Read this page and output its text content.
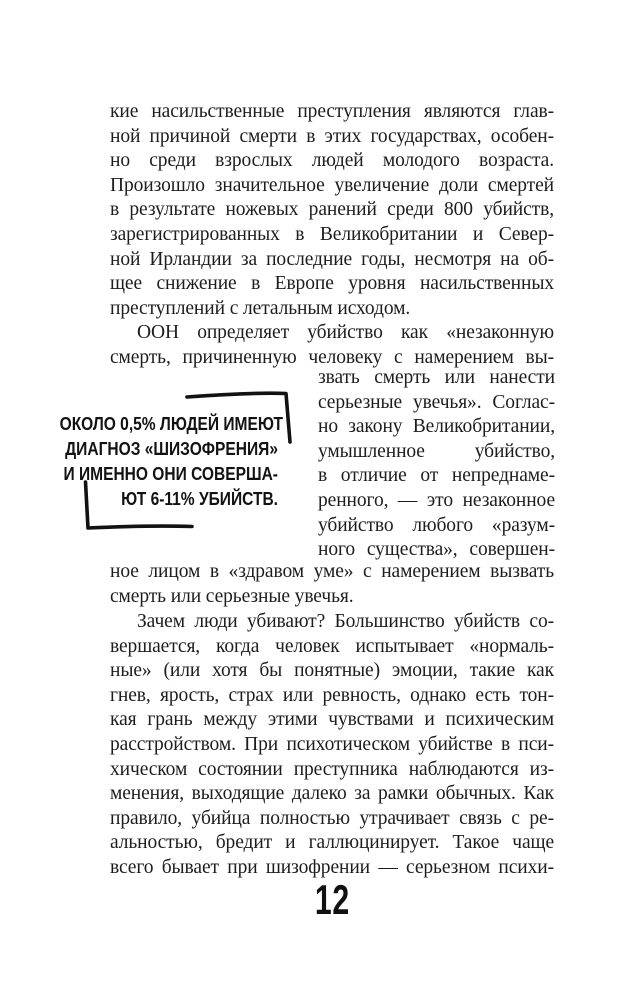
кие насильственные преступления являются глав-
ной причиной смерти в этих государствах, особен-
но среди взрослых людей молодого возраста.
Произошло значительное увеличение доли смертей
в результате ножевых ранений среди 800 убийств,
зарегистрированных в Великобритании и Север-
ной Ирландии за последние годы, несмотря на об-
щее снижение в Европе уровня насильственных
преступлений с летальным исходом.
ООН определяет убийство как «незаконную
смерть, причиненную человеку с намерением вы-
ОКОЛО 0,5% ЛЮДЕЙ ИМЕЮТ
ДИАГНОЗ «ШИЗОФРЕНИЯ»
И ИМЕННО ОНИ СОВЕРША-
ЮТ 6-11% УБИЙСТВ.
звать смерть или нанести
серьезные увечья». Соглас-
но закону Великобритании,
умышленное убийство,
в отличие от непреднаме-
ренного, — это незаконное
убийство любого «разум-
ного существа», совершен-
ное лицом в «здравом уме» с намерением вызвать
смерть или серьезные увечья.
Зачем люди убивают? Большинство убийств со-
вершается, когда человек испытывает «нормаль-
ные» (или хотя бы понятные) эмоции, такие как
гнев, ярость, страх или ревность, однако есть тон-
кая грань между этими чувствами и психическим
расстройством. При психотическом убийстве в пси-
хическом состоянии преступника наблюдаются из-
менения, выходящие далеко за рамки обычных. Как
правило, убийца полностью утрачивает связь с ре-
альностью, бредит и галлюцинирует. Такое чаще
всего бывает при шизофрении — серьезном психи-
12
